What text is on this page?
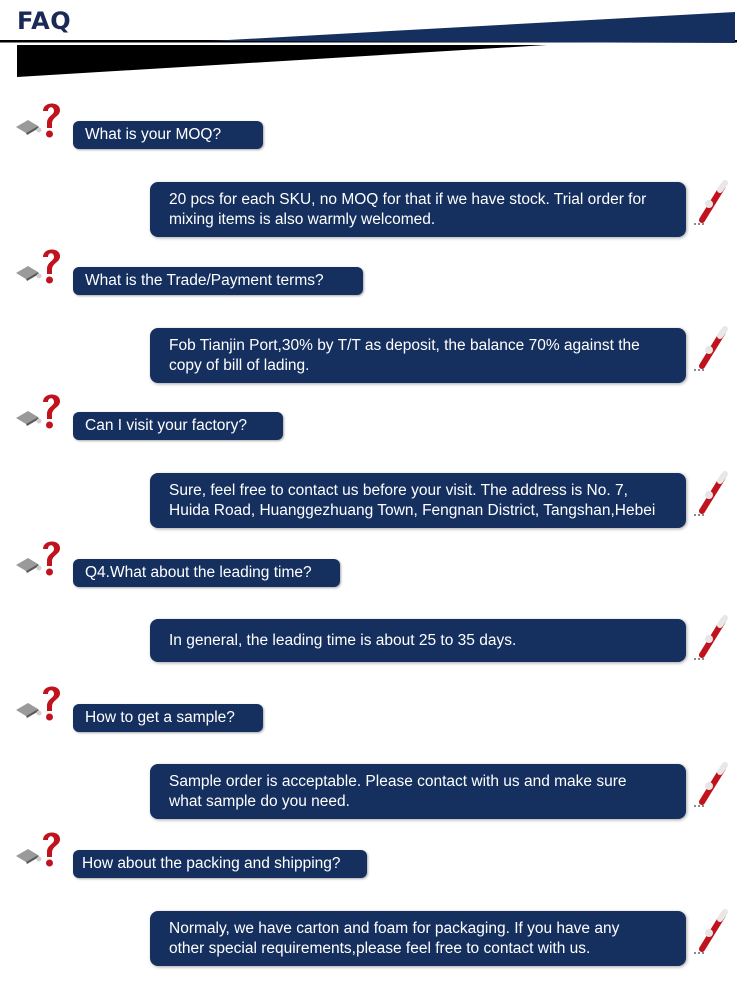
FAQ
What is your MOQ?
20 pcs for each SKU, no MOQ for that if we have stock. Trial order for
mixing items is also warmly welcomed.
What is the Trade/Payment terms?
Fob Tianjin Port,30% by T/T as deposit, the balance 70% against the
copy of bill of lading.
Can I visit your factory?
Sure, feel free to contact us before your visit. The address is No. 7,
Huida Road, Huanggezhuang Town, Fengnan District, Tangshan,Hebei
Q4.What about the leading time?
In general, the leading time is about 25 to 35 days.
How to get a sample?
Sample order is acceptable. Please contact with us and make sure
what sample do you need.
How about the packing and shipping?
Normaly, we have carton and foam for packaging. If you have any
other special requirements,please feel free to contact with us.
